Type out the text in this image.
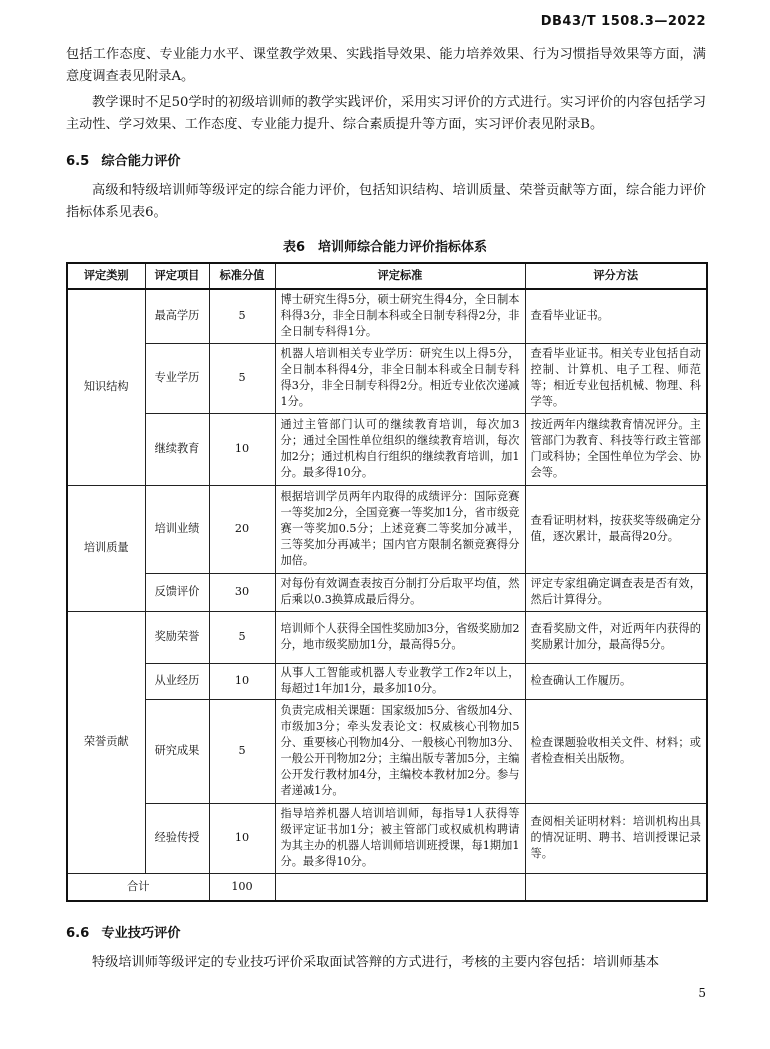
DB43/T 1508.3—2022

包括工作态度、专业能力水平、课堂教学效果、实践指导效果、能力培养效果、行为习惯指导效果等方面，满意度调查表见附录A。

教学课时不足50学时的初级培训师的教学实践评价，采用实习评价的方式进行。实习评价的内容包括学习主动性、学习效果、工作态度、专业能力提升、综合素质提升等方面，实习评价表见附录B。

6.5 综合能力评价

高级和特级培训师等级评定的综合能力评价，包括知识结构、培训质量、荣誉贡献等方面，综合能力评价指标体系见表6。

表6　培训师综合能力评价指标体系
评定类别	评定项目	标准分值	评定标准	评分方法
知识结构	最高学历	5	博士研究生得5分，硕士研究生得4分，全日制本科得3分，非全日制本科或全日制专科得2分，非全日制专科得1分。	查看毕业证书。
	专业学历	5	机器人培训相关专业学历：研究生以上得5分，全日制本科得4分，非全日制本科或全日制专科得3分，非全日制专科得2分。相近专业依次递减1分。	查看毕业证书。相关专业包括自动控制、计算机、电子工程、师范等；相近专业包括机械、物理、科学等。
	继续教育	10	通过主管部门认可的继续教育培训，每次加3分；通过全国性单位组织的继续教育培训，每次加2分；通过机构自行组织的继续教育培训，加1分。最多得10分。	按近两年内继续教育情况评分。主管部门为教育、科技等行政主管部门或科协；全国性单位为学会、协会等。
培训质量	培训业绩	20	根据培训学员两年内取得的成绩评分：国际竞赛一等奖加2分，全国竞赛一等奖加1分，省市级竞赛一等奖加0.5分；上述竞赛二等奖加分减半，三等奖加分再减半；国内官方限制名额竞赛得分加倍。	查看证明材料，按获奖等级确定分值，逐次累计，最高得20分。
	反馈评价	30	对每份有效调查表按百分制打分后取平均值，然后乘以0.3换算成最后得分。	评定专家组确定调查表是否有效，然后计算得分。
荣誉贡献	奖励荣誉	5	培训师个人获得全国性奖励加3分，省级奖励加2分，地市级奖励加1分，最高得5分。	查看奖励文件，对近两年内获得的奖励累计加分，最高得5分。
	从业经历	10	从事人工智能或机器人专业教学工作2年以上，每超过1年加1分，最多加10分。	检查确认工作履历。
	研究成果	5	负责完成相关课题：国家级加5分、省级加4分、市级加3分；牵头发表论文：权威核心刊物加5分、重要核心刊物加4分、一般核心刊物加3分、一般公开刊物加2分；主编出版专著加5分，主编公开发行教材加4分，主编校本教材加2分。参与者递减1分。	检查课题验收相关文件、材料；或者检查相关出版物。
	经验传授	10	指导培养机器人培训培训师，每指导1人获得等级评定证书加1分；被主管部门或权威机构聘请为其主办的机器人培训师培训班授课，每1期加1分。最多得10分。	查阅相关证明材料：培训机构出具的情况证明、聘书、培训授课记录等。
合计		100		
6.6 专业技巧评价

特级培训师等级评定的专业技巧评价采取面试答辩的方式进行，考核的主要内容包括：培训师基本

5
